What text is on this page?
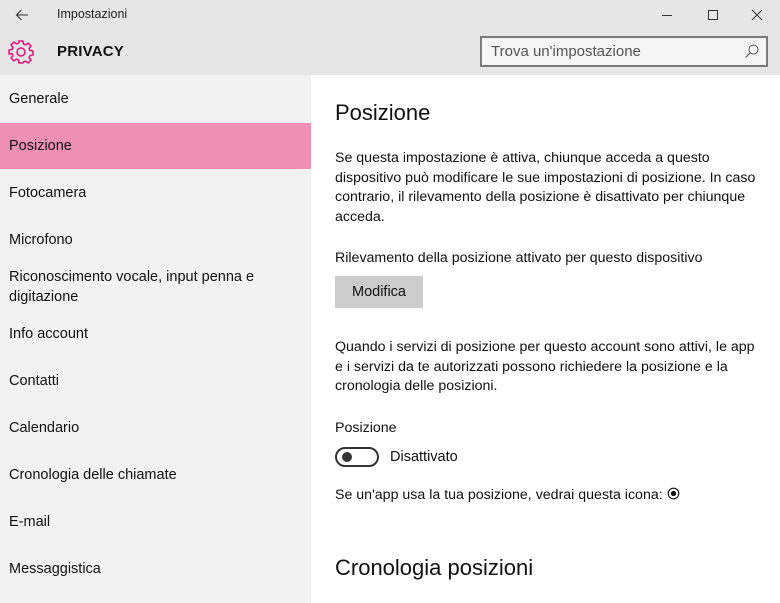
Impostazioni
PRIVACY
Trova un'impostazione
Generale
Posizione
Fotocamera
Microfono
Riconoscimento vocale, input penna e digitazione
Info account
Contatti
Calendario
Cronologia delle chiamate
E-mail
Messaggistica
Posizione

Se questa impostazione è attiva, chiunque acceda a questo dispositivo può modificare le sue impostazioni di posizione. In caso contrario, il rilevamento della posizione è disattivato per chiunque acceda.

Rilevamento della posizione attivato per questo dispositivo

Modifica

Quando i servizi di posizione per questo account sono attivi, le app e i servizi da te autorizzati possono richiedere la posizione e la cronologia delle posizioni.

Posizione

Disattivato

Se un'app usa la tua posizione, vedrai questa icona:

Cronologia posizioni
